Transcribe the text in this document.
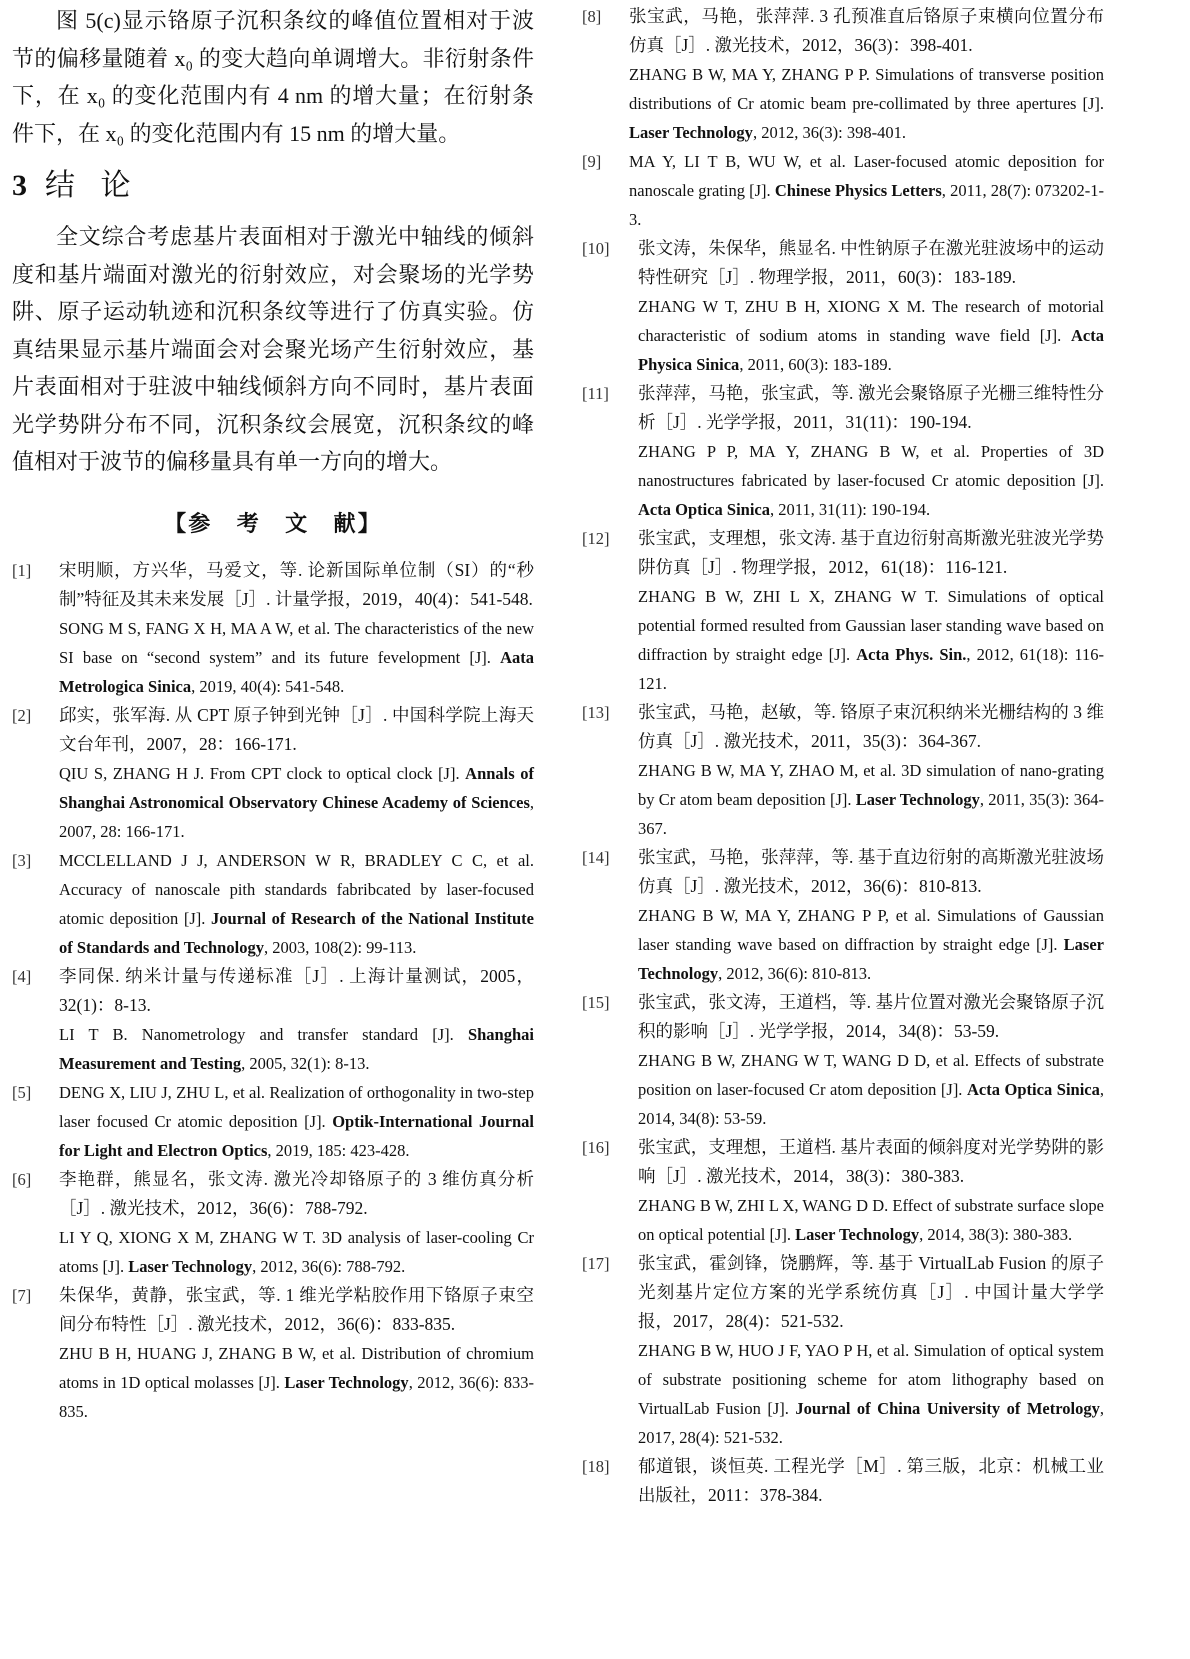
图 5(c)显示铬原子沉积条纹的峰值位置相对于波节的偏移量随着 x₀ 的变大趋向单调增大。非衍射条件下，在 x₀ 的变化范围内有 4 nm 的增大量；在衍射条件下，在 x₀ 的变化范围内有 15 nm 的增大量。

3 结 论

全文综合考虑基片表面相对于激光中轴线的倾斜度和基片端面对激光的衍射效应，对会聚场的光学势阱、原子运动轨迹和沉积条纹等进行了仿真实验。仿真结果显示基片端面会对会聚光场产生衍射效应，基片表面相对于驻波中轴线倾斜方向不同时，基片表面光学势阱分布不同，沉积条纹会展宽，沉积条纹的峰值相对于波节的偏移量具有单一方向的增大。

【参　考　文　献】
[1] 宋明顺，方兴华，马爱文，等. 论新国际单位制（SI）的“秒制”特征及其未来发展［J］. 计量学报，2019，40(4)：541-548.
SONG M S, FANG X H, MA A W, et al. The characteristics of the new SI base on “second system” and its future fevelopment [J]. Aata Metrologica Sinica, 2019, 40(4): 541-548.
[2] 邱实，张军海. 从 CPT 原子钟到光钟［J］. 中国科学院上海天文台年刊，2007，28：166-171.
QIU S, ZHANG H J. From CPT clock to optical clock [J]. Annals of Shanghai Astronomical Observatory Chinese Academy of Sciences, 2007, 28: 166-171.
[3] MCCLELLAND J J, ANDERSON W R, BRADLEY C C, et al. Accuracy of nanoscale pith standards fabribcated by laser-focused atomic deposition [J]. Journal of Research of the National Institute of Standards and Technology, 2003, 108(2): 99-113.
[4] 李同保. 纳米计量与传递标准［J］. 上海计量测试，2005，32(1)：8-13.
LI T B. Nanometrology and transfer standard [J]. Shanghai Measurement and Testing, 2005, 32(1): 8-13.
[5] DENG X, LIU J, ZHU L, et al. Realization of orthogonality in two-step laser focused Cr atomic deposition [J]. Optik-International Journal for Light and Electron Optics, 2019, 185: 423-428.
[6] 李艳群，熊显名，张文涛. 激光冷却铬原子的 3 维仿真分析［J］. 激光技术，2012，36(6)：788-792.
LI Y Q, XIONG X M, ZHANG W T. 3D analysis of laser-cooling Cr atoms [J]. Laser Technology, 2012, 36(6): 788-792.
[7] 朱保华，黄静，张宝武，等. 1 维光学粘胶作用下铬原子束空间分布特性［J］. 激光技术，2012，36(6)：833-835.
ZHU B H, HUANG J, ZHANG B W, et al. Distribution of chromium atoms in 1D optical molasses [J]. Laser Technology, 2012, 36(6): 833-835.
[8] 张宝武，马艳，张萍萍. 3 孔预准直后铬原子束横向位置分布仿真［J］. 激光技术，2012，36(3)：398-401.
ZHANG B W, MA Y, ZHANG P P. Simulations of transverse position distributions of Cr atomic beam pre-collimated by three apertures [J]. Laser Technology, 2012, 36(3): 398-401.
[9] MA Y, LI T B, WU W, et al. Laser-focused atomic deposition for nanoscale grating [J]. Chinese Physics Letters, 2011, 28(7): 073202-1-3.
[10] 张文涛，朱保华，熊显名. 中性钠原子在激光驻波场中的运动特性研究［J］. 物理学报，2011，60(3)：183-189.
ZHANG W T, ZHU B H, XIONG X M. The research of motorial characteristic of sodium atoms in standing wave field [J]. Acta Physica Sinica, 2011, 60(3): 183-189.
[11] 张萍萍，马艳，张宝武，等. 激光会聚铬原子光栅三维特性分析［J］. 光学学报，2011，31(11)：190-194.
ZHANG P P, MA Y, ZHANG B W, et al. Properties of 3D nanostructures fabricated by laser-focused Cr atomic deposition [J]. Acta Optica Sinica, 2011, 31(11): 190-194.
[12] 张宝武，支理想，张文涛. 基于直边衍射高斯激光驻波光学势阱仿真［J］. 物理学报，2012，61(18)：116-121.
ZHANG B W, ZHI L X, ZHANG W T. Simulations of optical potential formed resulted from Gaussian laser standing wave based on diffraction by straight edge [J]. Acta Phys. Sin., 2012, 61(18): 116-121.
[13] 张宝武，马艳，赵敏，等. 铬原子束沉积纳米光栅结构的 3 维仿真［J］. 激光技术，2011，35(3)：364-367.
ZHANG B W, MA Y, ZHAO M, et al. 3D simulation of nano-grating by Cr atom beam deposition [J]. Laser Technology, 2011, 35(3): 364-367.
[14] 张宝武，马艳，张萍萍，等. 基于直边衍射的高斯激光驻波场仿真［J］. 激光技术，2012，36(6)：810-813.
ZHANG B W, MA Y, ZHANG P P, et al. Simulations of Gaussian laser standing wave based on diffraction by straight edge [J]. Laser Technology, 2012, 36(6): 810-813.
[15] 张宝武，张文涛，王道档，等. 基片位置对激光会聚铬原子沉积的影响［J］. 光学学报，2014，34(8)：53-59.
ZHANG B W, ZHANG W T, WANG D D, et al. Effects of substrate position on laser-focused Cr atom deposition [J]. Acta Optica Sinica, 2014, 34(8): 53-59.
[16] 张宝武，支理想，王道档. 基片表面的倾斜度对光学势阱的影响［J］. 激光技术，2014，38(3)：380-383.
ZHANG B W, ZHI L X, WANG D D. Effect of substrate surface slope on optical potential [J]. Laser Technology, 2014, 38(3): 380-383.
[17] 张宝武，霍剑锋，饶鹏辉，等. 基于 VirtualLab Fusion 的原子光刻基片定位方案的光学系统仿真［J］. 中国计量大学学报，2017，28(4)：521-532.
ZHANG B W, HUO J F, YAO P H, et al. Simulation of optical system of substrate positioning scheme for atom lithography based on VirtualLab Fusion [J]. Journal of China University of Metrology, 2017, 28(4): 521-532.
[18] 郁道银，谈恒英. 工程光学［M］. 第三版，北京：机械工业出版社，2011：378-384.
